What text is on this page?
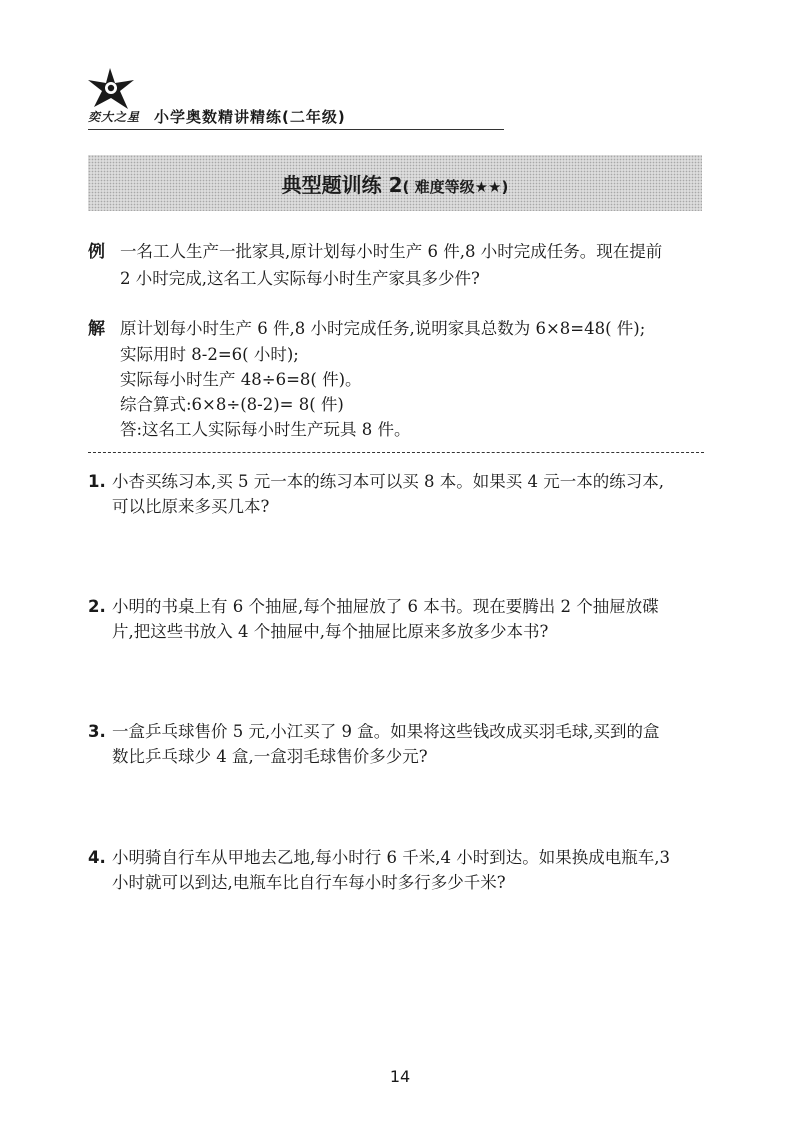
奕大之星 小学奥数精讲精练(二年级)
典型题训练 2( 难度等级★★)
例 一名工人生产一批家具,原计划每小时生产 6 件,8 小时完成任务。现在提前
2 小时完成,这名工人实际每小时生产家具多少件?
解 原计划每小时生产 6 件,8 小时完成任务,说明家具总数为 6×8=48( 件);
实际用时 8-2=6( 小时);
实际每小时生产 48÷6=8( 件)。
综合算式:6×8÷(8-2)= 8( 件)
答:这名工人实际每小时生产玩具 8 件。
1. 小杏买练习本,买 5 元一本的练习本可以买 8 本。如果买 4 元一本的练习本,
可以比原来多买几本?
2. 小明的书桌上有 6 个抽屉,每个抽屉放了 6 本书。现在要腾出 2 个抽屉放碟
片,把这些书放入 4 个抽屉中,每个抽屉比原来多放多少本书?
3. 一盒乒乓球售价 5 元,小江买了 9 盒。如果将这些钱改成买羽毛球,买到的盒
数比乒乓球少 4 盒,一盒羽毛球售价多少元?
4. 小明骑自行车从甲地去乙地,每小时行 6 千米,4 小时到达。如果换成电瓶车,3
小时就可以到达,电瓶车比自行车每小时多行多少千米?
14
